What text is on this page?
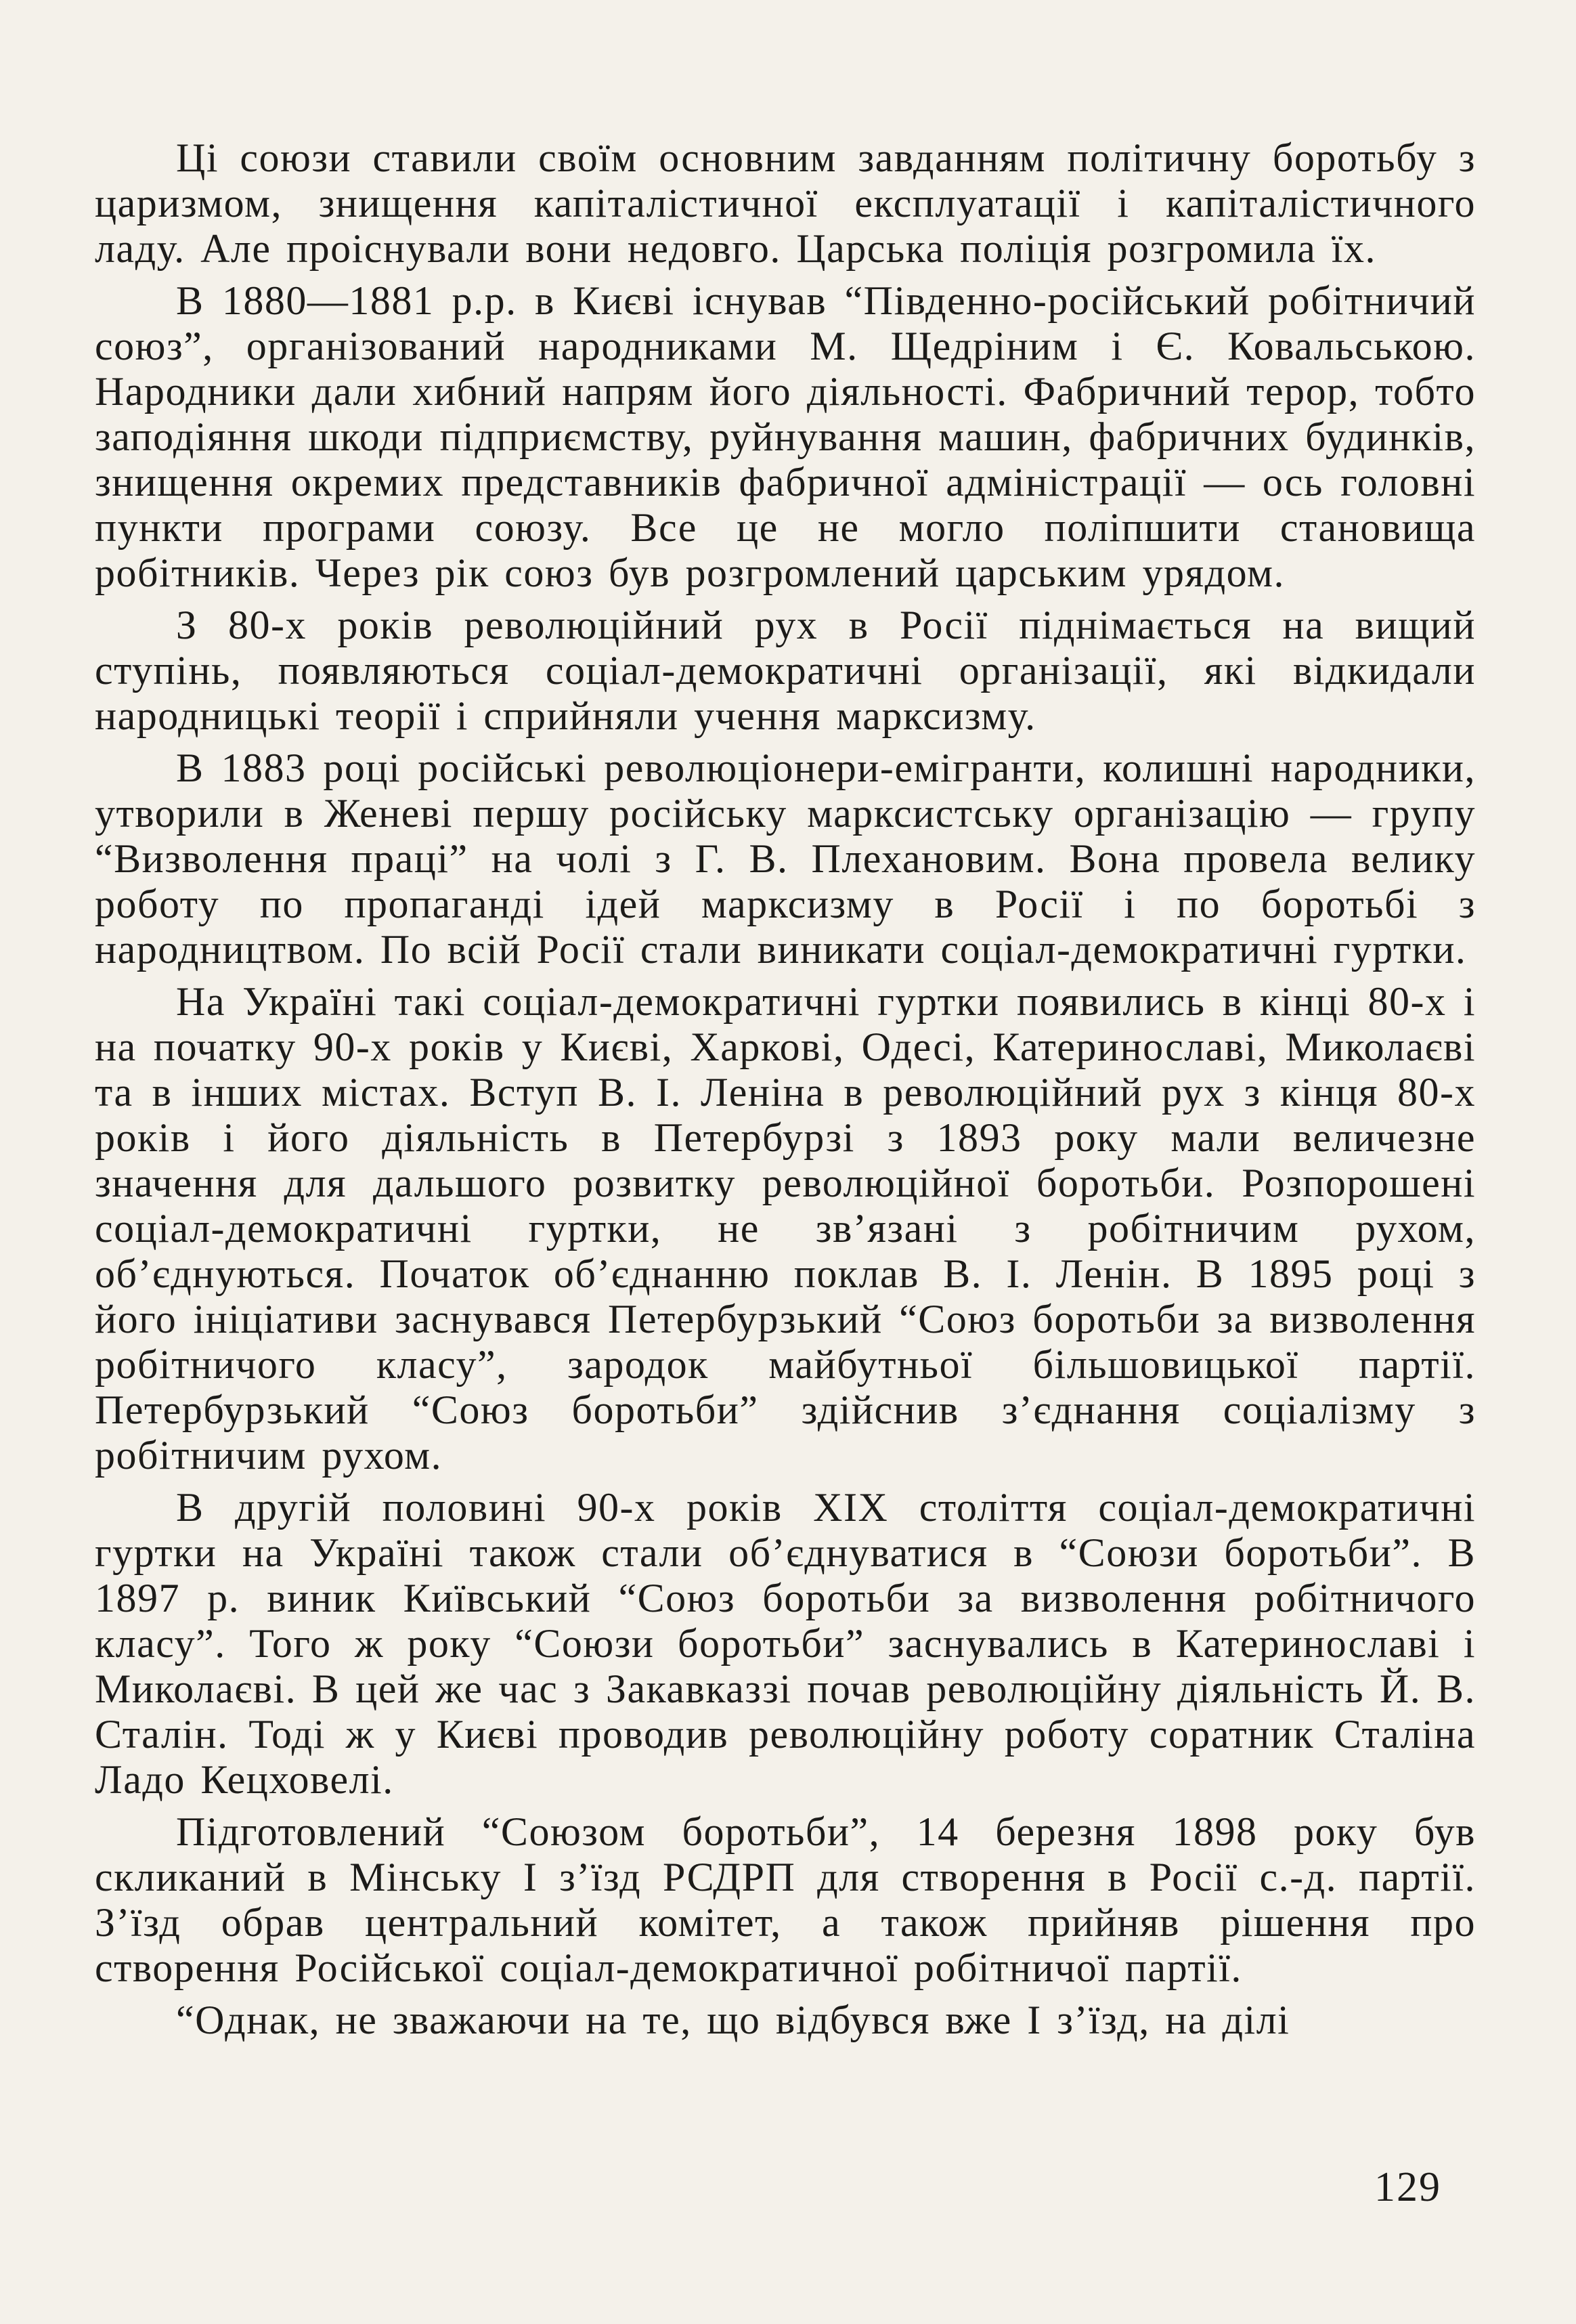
Ці союзи ставили своїм основним завданням політичну боротьбу з царизмом, знищення капіталістичної експлуатації і капіталістичного ладу. Але проіснували вони недовго. Царська поліція розгромила їх.

В 1880—1881 р.р. в Києві існував “Південно-російський робітничий союз”, організований народниками М. Щедріним і Є. Ковальською. Народники дали хибний напрям його діяльності. Фабричний терор, тобто заподіяння шкоди підприємству, руйнування машин, фабричних будинків, знищення окремих представників фабричної адміністрації — ось головні пункти програми союзу. Все це не могло поліпшити становища робітників. Через рік союз був розгромлений царським урядом.

З 80-х років революційний рух в Росії піднімається на вищий ступінь, появляються соціал-демократичні організації, які відкидали народницькі теорії і сприйняли учення марксизму.

В 1883 році російські революціонери-емігранти, колишні народники, утворили в Женеві першу російську марксистську організацію — групу “Визволення праці” на чолі з Г. В. Плехановим. Вона провела велику роботу по пропаганді ідей марксизму в Росії і по боротьбі з народництвом. По всій Росії стали виникати соціал-демократичні гуртки.

На Україні такі соціал-демократичні гуртки появились в кінці 80-х і на початку 90-х років у Києві, Харкові, Одесі, Катеринославі, Миколаєві та в інших містах. Вступ В. І. Леніна в революційний рух з кінця 80-х років і його діяльність в Петербурзі з 1893 року мали величезне значення для дальшого розвитку революційної боротьби. Розпорошені соціал-демократичні гуртки, не зв’язані з робітничим рухом, об’єднуються. Початок об’єднанню поклав В. І. Ленін. В 1895 році з його ініціативи заснувався Петербурзький “Союз боротьби за визволення робітничого класу”, зародок майбутньої більшовицької партії. Петербурзький “Союз боротьби” здійснив з’єднання соціалізму з робітничим рухом.

В другій половині 90-х років XIX століття соціал-демократичні гуртки на Україні також стали об’єднуватися в “Союзи боротьби”. В 1897 р. виник Київський “Союз боротьби за визволення робітничого класу”. Того ж року “Союзи боротьби” заснувались в Катеринославі і Миколаєві. В цей же час з Закавказзі почав революційну діяльність Й. В. Сталін. Тоді ж у Києві проводив революційну роботу соратник Сталіна Ладо Кецховелі.

Підготовлений “Союзом боротьби”, 14 березня 1898 року був скликаний в Мінську І з’їзд РСДРП для створення в Росії с.-д. партії. З’їзд обрав центральний комітет, а також прийняв рішення про створення Російської соціал-демократичної робітничої партії.

“Однак, не зважаючи на те, що відбувся вже І з’їзд, на ділі

129
